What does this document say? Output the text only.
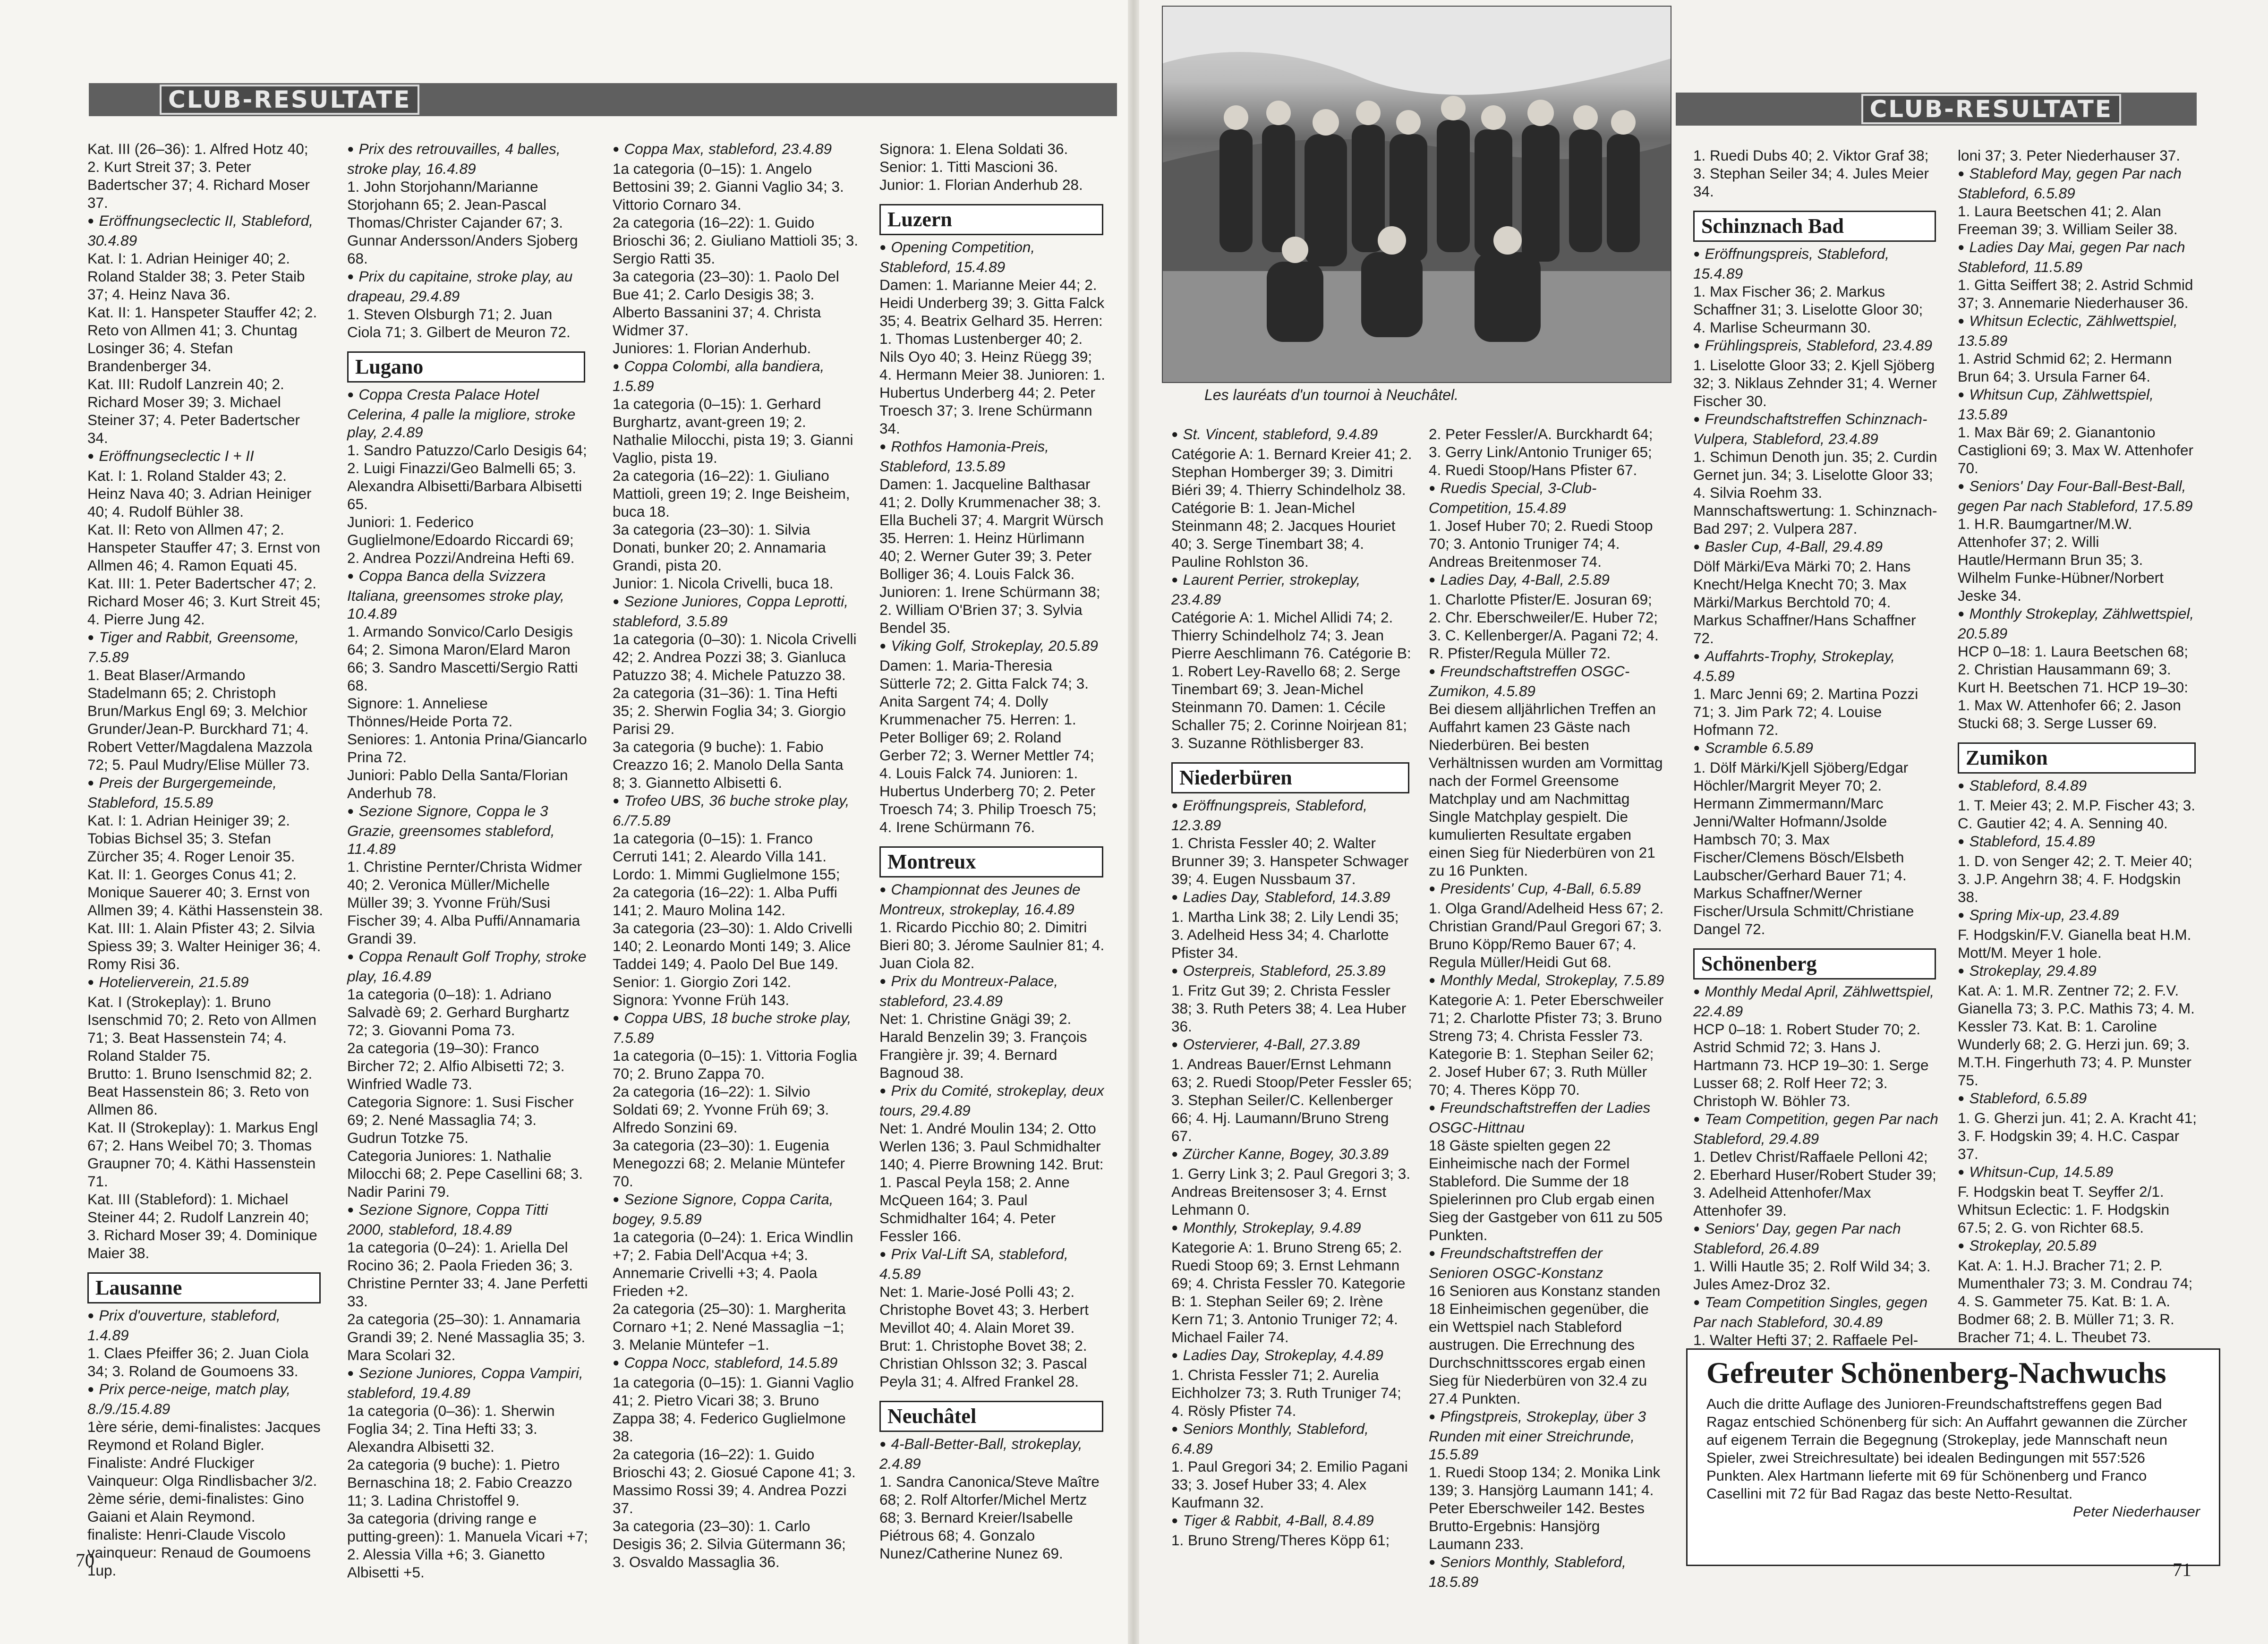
CLUB-RESULTATE	CLUB-RESULTATE

Kat. III (26–36): 1. Alfred Hotz 40; 2. Kurt Streit 37; 3. Peter Badertscher 37; 4. Richard Moser 37.

● Eröffnungseclectic II, Stableford, 30.4.89

Kat. I: 1. Adrian Heiniger 40; 2. Roland Stalder 38; 3. Peter Staib 37; 4. Heinz Nava 36.

Kat. II: 1. Hanspeter Stauffer 42; 2. Reto von Allmen 41; 3. Chuntag Losinger 36; 4. Stefan Brandenberger 34.

Kat. III: Rudolf Lanzrein 40; 2. Richard Moser 39; 3. Michael Steiner 37; 4. Peter Badertscher 34.

● Eröffnungseclectic I + II

Kat. I: 1. Roland Stalder 43; 2. Heinz Nava 40; 3. Adrian Heiniger 40; 4. Rudolf Bühler 38.

Kat. II: Reto von Allmen 47; 2. Hanspeter Stauffer 47; 3. Ernst von Allmen 46; 4. Ramon Equati 45.

Kat. III: 1. Peter Badertscher 47; 2. Richard Moser 46; 3. Kurt Streit 45; 4. Pierre Jung 42.

● Tiger and Rabbit, Greensome, 7.5.89

1. Beat Blaser/Armando Stadelmann 65; 2. Christoph Brun/Markus Engl 69; 3. Melchior Grunder/Jean-P. Burckhard 71; 4. Robert Vetter/Magdalena Mazzola 72; 5. Paul Mudry/Elise Müller 73.

● Preis der Burgergemeinde, Stableford, 15.5.89

Kat. I: 1. Adrian Heiniger 39; 2. Tobias Bichsel 35; 3. Stefan Zürcher 35; 4. Roger Lenoir 35.

Kat. II: 1. Georges Conus 41; 2. Monique Sauerer 40; 3. Ernst von Allmen 39; 4. Käthi Hassenstein 38.

Kat. III: 1. Alain Pfister 43; 2. Silvia Spiess 39; 3. Walter Heiniger 36; 4. Romy Risi 36.

● Hotelierverein, 21.5.89

Kat. I (Strokeplay): 1. Bruno Isenschmid 70; 2. Reto von Allmen 71; 3. Beat Hassenstein 74; 4. Roland Stalder 75.

Brutto: 1. Bruno Isenschmid 82; 2. Beat Hassenstein 86; 3. Reto von Allmen 86.

Kat. II (Strokeplay): 1. Markus Engl 67; 2. Hans Weibel 70; 3. Thomas Graupner 70; 4. Käthi Hassenstein 71.

Kat. III (Stableford): 1. Michael Steiner 44; 2. Rudolf Lanzrein 40; 3. Richard Moser 39; 4. Dominique Maier 38.

Lausanne

● Prix d'ouverture, stableford, 1.4.89

1. Claes Pfeiffer 36; 2. Juan Ciola 34; 3. Roland de Goumoens 33.

● Prix perce-neige, match play, 8./9./15.4.89

1ère série, demi-finalistes: Jacques Reymond et Roland Bigler.

Finaliste: André Fluckiger

Vainqueur: Olga Rindlisbacher 3/2.

2ème série, demi-finalistes: Gino Gaiani et Alain Reymond.

finaliste: Henri-Claude Viscolo

vainqueur: Renaud de Goumoens 1up.

● Prix des retrouvailles, 4 balles, stroke play, 16.4.89

1. John Storjohann/Marianne Storjohann 65; 2. Jean-Pascal Thomas/Christer Cajander 67; 3. Gunnar Andersson/Anders Sjoberg 68.

● Prix du capitaine, stroke play, au drapeau, 29.4.89

1. Steven Olsburgh 71; 2. Juan Ciola 71; 3. Gilbert de Meuron 72.

Lugano

● Coppa Cresta Palace Hotel Celerina, 4 palle la migliore, stroke play, 2.4.89

1. Sandro Patuzzo/Carlo Desigis 64; 2. Luigi Finazzi/Geo Balmelli 65; 3. Alexandra Albisetti/Barbara Albisetti 65.

Juniori: 1. Federico Guglielmone/Edoardo Riccardi 69; 2. Andrea Pozzi/Andreina Hefti 69.

● Coppa Banca della Svizzera Italiana, greensomes stroke play, 10.4.89

1. Armando Sonvico/Carlo Desigis 64; 2. Simona Maron/Elard Maron 66; 3. Sandro Mascetti/Sergio Ratti 68.

Signore: 1. Anneliese Thönnes/Heide Porta 72.

Seniores: 1. Antonia Prina/Giancarlo Prina 72.

Juniori: Pablo Della Santa/Florian Anderhub 78.

● Sezione Signore, Coppa le 3 Grazie, greensomes stableford, 11.4.89

1. Christine Pernter/Christa Widmer 40; 2. Veronica Müller/Michelle Müller 39; 3. Yvonne Früh/Susi Fischer 39; 4. Alba Puffi/Annamaria Grandi 39.

● Coppa Renault Golf Trophy, stroke play, 16.4.89

1a categoria (0–18): 1. Adriano Salvadè 69; 2. Gerhard Burghartz 72; 3. Giovanni Poma 73.

2a categoria (19–30): Franco Bircher 72; 2. Alfio Albisetti 72; 3. Winfried Wadle 73.

Categoria Signore: 1. Susi Fischer 69; 2. Nené Massaglia 74; 3. Gudrun Totzke 75.

Categoria Juniores: 1. Nathalie Milocchi 68; 2. Pepe Casellini 68; 3. Nadir Parini 79.

● Sezione Signore, Coppa Titti 2000, stableford, 18.4.89

1a categoria (0–24): 1. Ariella Del Rocino 36; 2. Paola Frieden 36; 3. Christine Pernter 33; 4. Jane Perfetti 33.

2a categoria (25–30): 1. Annamaria Grandi 39; 2. Nené Massaglia 35; 3. Mara Scolari 32.

● Sezione Juniores, Coppa Vampiri, stableford, 19.4.89

1a categoria (0–36): 1. Sherwin Foglia 34; 2. Tina Hefti 33; 3. Alexandra Albisetti 32.

2a categoria (9 buche): 1. Pietro Bernaschina 18; 2. Fabio Creazzo 11; 3. Ladina Christoffel 9.

3a categoria (driving range e putting-green): 1. Manuela Vicari +7; 2. Alessia Villa +6; 3. Gianetto Albisetti +5.

● Coppa Max, stableford, 23.4.89

1a categoria (0–15): 1. Angelo Bettosini 39; 2. Gianni Vaglio 34; 3. Vittorio Cornaro 34.

2a categoria (16–22): 1. Guido Brioschi 36; 2. Giuliano Mattioli 35; 3. Sergio Ratti 35.

3a categoria (23–30): 1. Paolo Del Bue 41; 2. Carlo Desigis 38; 3. Alberto Bassanini 37; 4. Christa Widmer 37.

Juniores: 1. Florian Anderhub.

● Coppa Colombi, alla bandiera, 1.5.89

1a categoria (0–15): 1. Gerhard Burghartz, avant-green 19; 2. Nathalie Milocchi, pista 19; 3. Gianni Vaglio, pista 19.

2a categoria (16–22): 1. Giuliano Mattioli, green 19; 2. Inge Beisheim, buca 18.

3a categoria (23–30): 1. Silvia Donati, bunker 20; 2. Annamaria Grandi, pista 20.

Junior: 1. Nicola Crivelli, buca 18.

● Sezione Juniores, Coppa Leprotti, stableford, 3.5.89

1a categoria (0–30): 1. Nicola Crivelli 42; 2. Andrea Pozzi 38; 3. Gianluca Patuzzo 38; 4. Michele Patuzzo 38.

2a categoria (31–36): 1. Tina Hefti 35; 2. Sherwin Foglia 34; 3. Giorgio Parisi 29.

3a categoria (9 buche): 1. Fabio Creazzo 16; 2. Manolo Della Santa 8; 3. Giannetto Albisetti 6.

● Trofeo UBS, 36 buche stroke play, 6./7.5.89

1a categoria (0–15): 1. Franco Cerruti 141; 2. Aleardo Villa 141.

Lordo: 1. Mimmi Guglielmone 155;

2a categoria (16–22): 1. Alba Puffi 141; 2. Mauro Molina 142.

3a categoria (23–30): 1. Aldo Crivelli 140; 2. Leonardo Monti 149; 3. Alice Taddei 149; 4. Paolo Del Bue 149.

Senior: 1. Giorgio Zori 142.

Signora: Yvonne Früh 143.

● Coppa UBS, 18 buche stroke play, 7.5.89

1a categoria (0–15): 1. Vittoria Foglia 70; 2. Bruno Zappa 70.

2a categoria (16–22): 1. Silvio Soldati 69; 2. Yvonne Früh 69; 3. Alfredo Sonzini 69.

3a categoria (23–30): 1. Eugenia Menegozzi 68; 2. Melanie Müntefer 70.

● Sezione Signore, Coppa Carita, bogey, 9.5.89

1a categoria (0–24): 1. Erica Windlin +7; 2. Fabia Dell'Acqua +4; 3. Annemarie Crivelli +3; 4. Paola Frieden +2.

2a categoria (25–30): 1. Margherita Cornaro +1; 2. Nené Massaglia −1; 3. Melanie Müntefer −1.

● Coppa Nocc, stableford, 14.5.89

1a categoria (0–15): 1. Gianni Vaglio 41; 2. Pietro Vicari 38; 3. Bruno Zappa 38; 4. Federico Guglielmone 38.

2a categoria (16–22): 1. Guido Brioschi 43; 2. Giosué Capone 41; 3. Massimo Rossi 39; 4. Andrea Pozzi 37.

3a categoria (23–30): 1. Carlo Desigis 36; 2. Silvia Gütermann 36; 3. Osvaldo Massaglia 36.

Signora: 1. Elena Soldati 36.

Senior: 1. Titti Mascioni 36.

Junior: 1. Florian Anderhub 28.

Luzern

● Opening Competition, Stableford, 15.4.89

Damen: 1. Marianne Meier 44; 2. Heidi Underberg 39; 3. Gitta Falck 35; 4. Beatrix Gelhard 35. Herren: 1. Thomas Lustenberger 40; 2. Nils Oyo 40; 3. Heinz Rüegg 39; 4. Hermann Meier 38. Junioren: 1. Hubertus Underberg 44; 2. Peter Troesch 37; 3. Irene Schürmann 34.

● Rothfos Hamonia-Preis, Stableford, 13.5.89

Damen: 1. Jacqueline Balthasar 41; 2. Dolly Krummenacher 38; 3. Ella Bucheli 37; 4. Margrit Würsch 35. Herren: 1. Heinz Hürlimann 40; 2. Werner Guter 39; 3. Peter Bolliger 36; 4. Louis Falck 36. Junioren: 1. Irene Schürmann 38; 2. William O'Brien 37; 3. Sylvia Bendel 35.

● Viking Golf, Strokeplay, 20.5.89

Damen: 1. Maria-Theresia Sütterle 72; 2. Gitta Falck 74; 3. Anita Sargent 74; 4. Dolly Krummenacher 75. Herren: 1. Peter Bolliger 69; 2. Roland Gerber 72; 3. Werner Mettler 74; 4. Louis Falck 74. Junioren: 1. Hubertus Underberg 70; 2. Peter Troesch 74; 3. Philip Troesch 75; 4. Irene Schürmann 76.

Montreux

● Championnat des Jeunes de Montreux, strokeplay, 16.4.89

1. Ricardo Picchio 80; 2. Dimitri Bieri 80; 3. Jérome Saulnier 81; 4. Juan Ciola 82.

● Prix du Montreux-Palace, stableford, 23.4.89

Net: 1. Christine Gnägi 39; 2. Harald Benzelin 39; 3. François Frangière jr. 39; 4. Bernard Bagnoud 38.

● Prix du Comité, strokeplay, deux tours, 29.4.89

Net: 1. André Moulin 134; 2. Otto Werlen 136; 3. Paul Schmidhalter 140; 4. Pierre Browning 142. Brut: 1. Pascal Peyla 158; 2. Anne McQueen 164; 3. Paul Schmidhalter 164; 4. Peter Fessler 166.

● Prix Val-Lift SA, stableford, 4.5.89

Net: 1. Marie-José Polli 43; 2. Christophe Bovet 43; 3. Herbert Mevillot 40; 4. Alain Moret 39. Brut: 1. Christophe Bovet 38; 2. Christian Ohlsson 32; 3. Pascal Peyla 31; 4. Alfred Frankel 28.

Neuchâtel

● 4-Ball-Better-Ball, strokeplay, 2.4.89

1. Sandra Canonica/Steve Maître 68; 2. Rolf Altorfer/Michel Mertz 68; 3. Bernard Kreier/Isabelle Piétrous 68; 4. Gonzalo Nunez/Catherine Nunez 69.

70
Les lauréats d'un tournoi à Neuchâtel.

● St. Vincent, stableford, 9.4.89

Catégorie A: 1. Bernard Kreier 41; 2. Stephan Homberger 39; 3. Dimitri Biéri 39; 4. Thierry Schindelholz 38.

Catégorie B: 1. Jean-Michel Steinmann 48; 2. Jacques Houriet 40; 3. Serge Tinembart 38; 4. Pauline Rohlston 36.

● Laurent Perrier, strokeplay, 23.4.89

Catégorie A: 1. Michel Allidi 74; 2. Thierry Schindelholz 74; 3. Jean Pierre Aeschlimann 76. Catégorie B: 1. Robert Ley-Ravello 68; 2. Serge Tinembart 69; 3. Jean-Michel Steinmann 70. Damen: 1. Cécile Schaller 75; 2. Corinne Noirjean 81; 3. Suzanne Röthlisberger 83.

Niederbüren

● Eröffnungspreis, Stableford, 12.3.89

1. Christa Fessler 40; 2. Walter Brunner 39; 3. Hanspeter Schwager 39; 4. Eugen Nussbaum 37.

● Ladies Day, Stableford, 14.3.89

1. Martha Link 38; 2. Lily Lendi 35; 3. Adelheid Hess 34; 4. Charlotte Pfister 34.

● Osterpreis, Stableford, 25.3.89

1. Fritz Gut 39; 2. Christa Fessler 38; 3. Ruth Peters 38; 4. Lea Huber 36.

● Ostervierer, 4-Ball, 27.3.89

1. Andreas Bauer/Ernst Lehmann 63; 2. Ruedi Stoop/Peter Fessler 65; 3. Stephan Seiler/C. Kellenberger 66; 4. Hj. Laumann/Bruno Streng 67.

● Zürcher Kanne, Bogey, 30.3.89

1. Gerry Link 3; 2. Paul Gregori 3; 3. Andreas Breitensoser 3; 4. Ernst Lehmann 0.

● Monthly, Strokeplay, 9.4.89

Kategorie A: 1. Bruno Streng 65; 2. Ruedi Stoop 69; 3. Ernst Lehmann 69; 4. Christa Fessler 70. Kategorie B: 1. Stephan Seiler 69; 2. Irène Kern 71; 3. Antonio Truniger 72; 4. Michael Failer 74.

● Ladies Day, Strokeplay, 4.4.89

1. Christa Fessler 71; 2. Aurelia Eichholzer 73; 3. Ruth Truniger 74; 4. Rösly Pfister 74.

● Seniors Monthly, Stableford, 6.4.89

1. Paul Gregori 34; 2. Emilio Pagani 33; 3. Josef Huber 33; 4. Alex Kaufmann 32.

● Tiger & Rabbit, 4-Ball, 8.4.89

1. Bruno Streng/Theres Köpp 61;

2. Peter Fessler/A. Burckhardt 64; 3. Gerry Link/Antonio Truniger 65; 4. Ruedi Stoop/Hans Pfister 67.

● Ruedis Special, 3-Club-Competition, 15.4.89

1. Josef Huber 70; 2. Ruedi Stoop 70; 3. Antonio Truniger 74; 4. Andreas Breitenmoser 74.

● Ladies Day, 4-Ball, 2.5.89

1. Charlotte Pfister/E. Josuran 69; 2. Chr. Eberschweiler/E. Huber 72; 3. C. Kellenberger/A. Pagani 72; 4. R. Pfister/Regula Müller 72.

● Freundschaftstreffen OSGC-Zumikon, 4.5.89

Bei diesem alljährlichen Treffen an Auffahrt kamen 23 Gäste nach Niederbüren. Bei besten Verhältnissen wurden am Vormittag nach der Formel Greensome Matchplay und am Nachmittag Single Matchplay gespielt. Die kumulierten Resultate ergaben einen Sieg für Niederbüren von 21 zu 16 Punkten.

● Presidents' Cup, 4-Ball, 6.5.89

1. Olga Grand/Adelheid Hess 67; 2. Christian Grand/Paul Gregori 67; 3. Bruno Köpp/Remo Bauer 67; 4. Regula Müller/Heidi Gut 68.

● Monthly Medal, Strokeplay, 7.5.89

Kategorie A: 1. Peter Eberschweiler 71; 2. Charlotte Pfister 73; 3. Bruno Streng 73; 4. Christa Fessler 73. Kategorie B: 1. Stephan Seiler 62; 2. Josef Huber 67; 3. Ruth Müller 70; 4. Theres Köpp 70.

● Freundschaftstreffen der Ladies OSGC-Hittnau

18 Gäste spielten gegen 22 Einheimische nach der Formel Stableford. Die Summe der 18 Spielerinnen pro Club ergab einen Sieg der Gastgeber von 611 zu 505 Punkten.

● Freundschaftstreffen der Senioren OSGC-Konstanz

16 Senioren aus Konstanz standen 18 Einheimischen gegenüber, die ein Wettspiel nach Stableford austrugen. Die Errechnung des Durchschnittsscores ergab einen Sieg für Niederbüren von 32.4 zu 27.4 Punkten.

● Pfingstpreis, Strokeplay, über 3 Runden mit einer Streichrunde, 15.5.89

1. Ruedi Stoop 134; 2. Monika Link 139; 3. Hansjörg Laumann 141; 4. Peter Eberschweiler 142. Bestes Brutto-Ergebnis: Hansjörg Laumann 233.

● Seniors Monthly, Stableford, 18.5.89

1. Ruedi Dubs 40; 2. Viktor Graf 38; 3. Stephan Seiler 34; 4. Jules Meier 34.

Schinznach Bad

● Eröffnungspreis, Stableford, 15.4.89

1. Max Fischer 36; 2. Markus Schaffner 31; 3. Liselotte Gloor 30; 4. Marlise Scheurmann 30.

● Frühlingspreis, Stableford, 23.4.89

1. Liselotte Gloor 33; 2. Kjell Sjöberg 32; 3. Niklaus Zehnder 31; 4. Werner Fischer 30.

● Freundschaftstreffen Schinznach-Vulpera, Stableford, 23.4.89

1. Schimun Denoth jun. 35; 2. Curdin Gernet jun. 34; 3. Liselotte Gloor 33; 4. Silvia Roehm 33. Mannschaftswertung: 1. Schinznach-Bad 297; 2. Vulpera 287.

● Basler Cup, 4-Ball, 29.4.89

Dölf Märki/Eva Märki 70; 2. Hans Knecht/Helga Knecht 70; 3. Max Märki/Markus Berchtold 70; 4. Markus Schaffner/Hans Schaffner 72.

● Auffahrts-Trophy, Strokeplay, 4.5.89

1. Marc Jenni 69; 2. Martina Pozzi 71; 3. Jim Park 72; 4. Louise Hofmann 72.

● Scramble 6.5.89

1. Dölf Märki/Kjell Sjöberg/Edgar Höchler/Margrit Meyer 70; 2. Hermann Zimmermann/Marc Jenni/Walter Hofmann/Jsolde Hambsch 70; 3. Max Fischer/Clemens Bösch/Elsbeth Laubscher/Gerhard Bauer 71; 4. Markus Schaffner/Werner Fischer/Ursula Schmitt/Christiane Dangel 72.

Schönenberg

● Monthly Medal April, Zählwettspiel, 22.4.89

HCP 0–18: 1. Robert Studer 70; 2. Astrid Schmid 72; 3. Hans J. Hartmann 73. HCP 19–30: 1. Serge Lusser 68; 2. Rolf Heer 72; 3. Christoph W. Böhler 73.

● Team Competition, gegen Par nach Stableford, 29.4.89

1. Detlev Christ/Raffaele Pelloni 42; 2. Eberhard Huser/Robert Studer 39; 3. Adelheid Attenhofer/Max Attenhofer 39.

● Seniors' Day, gegen Par nach Stableford, 26.4.89

1. Willi Hautle 35; 2. Rolf Wild 34; 3. Jules Amez-Droz 32.

● Team Competition Singles, gegen Par nach Stableford, 30.4.89

1. Walter Hefti 37; 2. Raffaele Pel-

loni 37; 3. Peter Niederhauser 37.

● Stableford May, gegen Par nach Stableford, 6.5.89

1. Laura Beetschen 41; 2. Alan Freeman 39; 3. William Seiler 38.

● Ladies Day Mai, gegen Par nach Stableford, 11.5.89

1. Gitta Seiffert 38; 2. Astrid Schmid 37; 3. Annemarie Niederhauser 36.

● Whitsun Eclectic, Zählwettspiel, 13.5.89

1. Astrid Schmid 62; 2. Hermann Brun 64; 3. Ursula Farner 64.

● Whitsun Cup, Zählwettspiel, 13.5.89

1. Max Bär 69; 2. Gianantonio Castiglioni 69; 3. Max W. Attenhofer 70.

● Seniors' Day Four-Ball-Best-Ball, gegen Par nach Stableford, 17.5.89

1. H.R. Baumgartner/M.W. Attenhofer 37; 2. Willi Hautle/Hermann Brun 35; 3. Wilhelm Funke-Hübner/Norbert Jeske 34.

● Monthly Strokeplay, Zählwettspiel, 20.5.89

HCP 0–18: 1. Laura Beetschen 68; 2. Christian Hausammann 69; 3. Kurt H. Beetschen 71. HCP 19–30: 1. Max W. Attenhofer 66; 2. Jason Stucki 68; 3. Serge Lusser 69.

Zumikon

● Stableford, 8.4.89

1. T. Meier 43; 2. M.P. Fischer 43; 3. C. Gautier 42; 4. A. Senning 40.

● Stableford, 15.4.89

1. D. von Senger 42; 2. T. Meier 40; 3. J.P. Angehrn 38; 4. F. Hodgskin 38.

● Spring Mix-up, 23.4.89

F. Hodgskin/F.V. Gianella beat H.M. Mott/M. Meyer 1 hole.

● Strokeplay, 29.4.89

Kat. A: 1. M.R. Zentner 72; 2. F.V. Gianella 73; 3. P.C. Mathis 73; 4. M. Kessler 73. Kat. B: 1. Caroline Wunderly 68; 2. G. Herzi jun. 69; 3. M.T.H. Fingerhuth 73; 4. P. Munster 75.

● Stableford, 6.5.89

1. G. Gherzi jun. 41; 2. A. Kracht 41; 3. F. Hodgskin 39; 4. H.C. Caspar 37.

● Whitsun-Cup, 14.5.89

F. Hodgskin beat T. Seyffer 2/1. Whitsun Eclectic: 1. F. Hodgskin 67.5; 2. G. von Richter 68.5.

● Strokeplay, 20.5.89

Kat. A: 1. H.J. Bracher 71; 2. P. Mumenthaler 73; 3. M. Condrau 74; 4. S. Gammeter 75. Kat. B: 1. A. Bodmer 68; 2. B. Müller 71; 3. R. Bracher 71; 4. L. Theubet 73.

Gefreuter Schönenberg-Nachwuchs

Auch die dritte Auflage des Junioren-Freundschaftstreffens gegen Bad Ragaz entschied Schönenberg für sich: An Auffahrt gewannen die Zürcher auf eigenem Terrain die Begegnung (Strokeplay, jede Mannschaft neun Spieler, zwei Streichresultate) bei idealen Bedingungen mit 557:526 Punkten. Alex Hartmann lieferte mit 69 für Schönenberg und Franco Casellini mit 72 für Bad Ragaz das beste Netto-Resultat.

Peter Niederhauser

71
